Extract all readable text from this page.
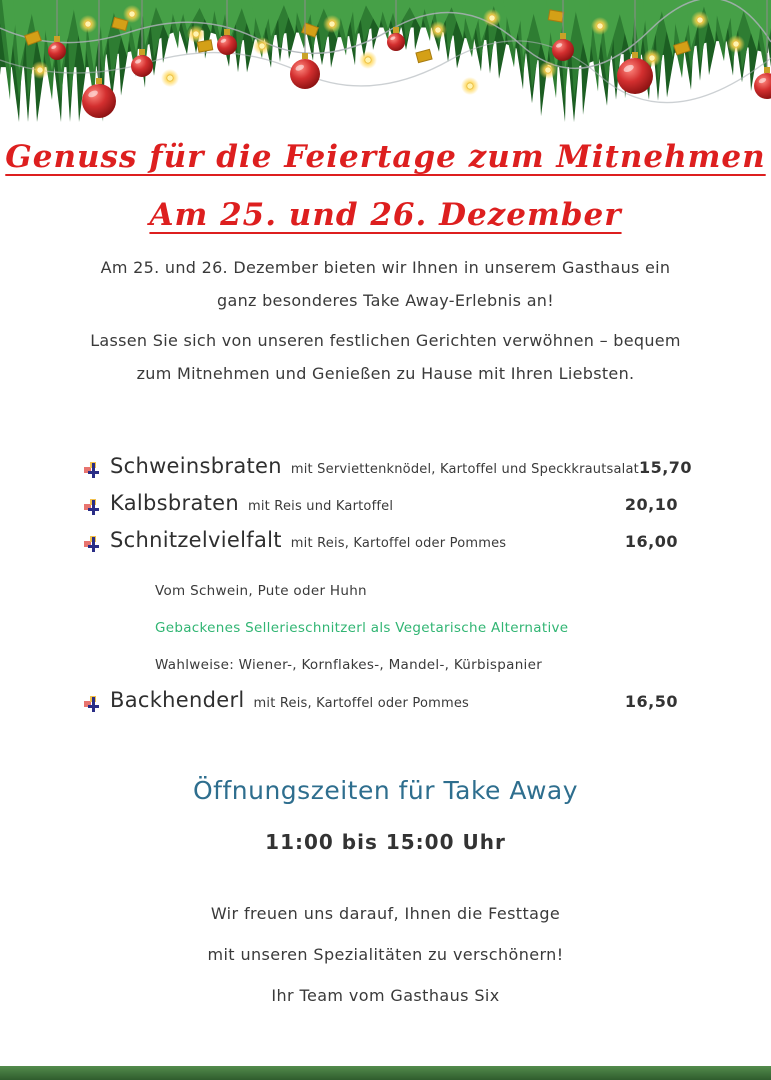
Genuss für die Feiertage zum Mitnehmen
Am 25. und 26. Dezember
Am 25. und 26. Dezember bieten wir Ihnen in unserem Gasthaus ein
ganz besonderes Take Away-Erlebnis an!
Lassen Sie sich von unseren festlichen Gerichten verwöhnen – bequem
zum Mitnehmen und Genießen zu Hause mit Ihren Liebsten.
Schweinsbraten mit Serviettenknödel, Kartoffel und Speckkrautsalat 15,70
Kalbsbraten mit Reis und Kartoffel	20,10
Schnitzelvielfalt mit Reis, Kartoffel oder Pommes	16,00
Vom Schwein, Pute oder Huhn
Gebackenes Sellerieschnitzerl als Vegetarische Alternative
Wahlweise: Wiener-, Kornflakes-, Mandel-, Kürbispanier
Backhenderl mit Reis, Kartoffel oder Pommes	16,50
Öffnungszeiten für Take Away
11:00 bis 15:00 Uhr
Wir freuen uns darauf, Ihnen die Festtage
mit unseren Spezialitäten zu verschönern!
Ihr Team vom Gasthaus Six
